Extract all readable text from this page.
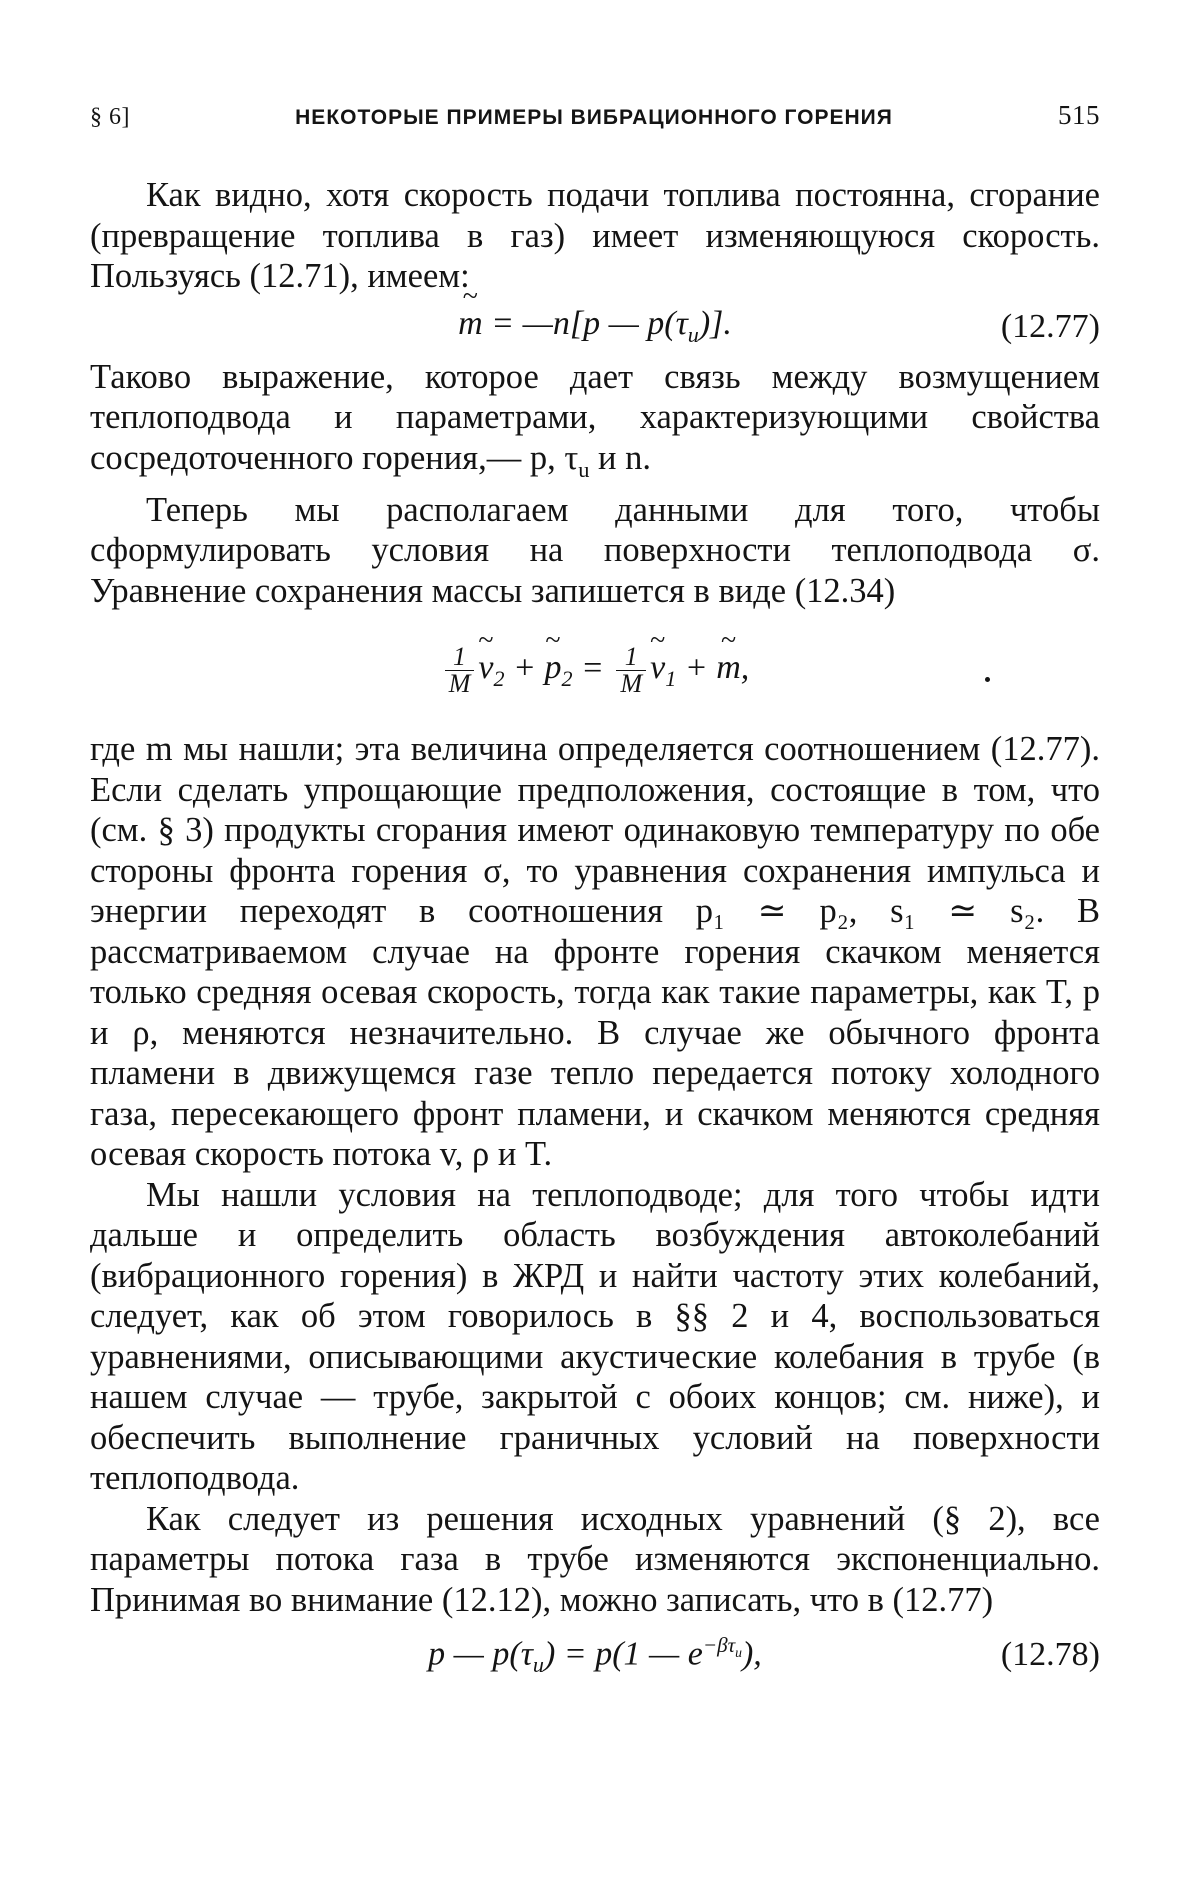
§ 6]	НЕКОТОРЫЕ ПРИМЕРЫ ВИБРАЦИОННОГО ГОРЕНИЯ	515

Как видно, хотя скорость подачи топлива постоянна, сгорание (превращение топлива в газ) имеет изменяющуюся скорость. Пользуясь (12.71), имеем:

~ m = —n[p — $p(\tau_u)$].	(12.77)

Таково выражение, которое дает связь между возмущением теплоподвода и параметрами, характеризующими свойства сосредоточенного горения,— p, $\tau_u$ и n.

Теперь мы располагаем данными для того, чтобы сформулировать условия на поверхности теплоподвода σ. Уравнение сохранения массы запишется в виде (12.34)

$\frac{1}{M}$ ~ $v_2$ + ~ $p_2 = \frac{1}{M}$ ~ $v_1$ + ~ m,

где m мы нашли; эта величина определяется соотношением (12.77). Если сделать упрощающие предположения, состоящие в том, что (см. § 3) продукты сгорания имеют одинаковую температуру по обе стороны фронта горения σ, то уравнения сохранения импульса и энергии переходят в соотношения p₁ ≃ p₂, s₁ ≃ s₂. В рассматриваемом случае на фронте горения скачком меняется только средняя осевая скорость, тогда как такие параметры, как T, p и ρ, меняются незначительно. В случае же обычного фронта пламени в движущемся газе тепло передается потоку холодного газа, пересекающего фронт пламени, и скачком меняются средняя осевая скорость потока v, ρ и T.

Мы нашли условия на теплоподводе; для того чтобы идти дальше и определить область возбуждения автоколебаний (вибрационного горения) в ЖРД и найти частоту этих колебаний, следует, как об этом говорилось в §§ 2 и 4, воспользоваться уравнениями, описывающими акустические колебания в трубе (в нашем случае — трубе, закрытой с обоих концов; см. ниже), и обеспечить выполнение граничных условий на поверхности теплоподвода.

Как следует из решения исходных уравнений (§ 2), все параметры потока газа в трубе изменяются экспоненциально. Принимая во внимание (12.12), можно записать, что в (12.77)

p — $p(\tau_u) = p(1$ — $e^{-\beta\tau_u}$),	(12.78)
